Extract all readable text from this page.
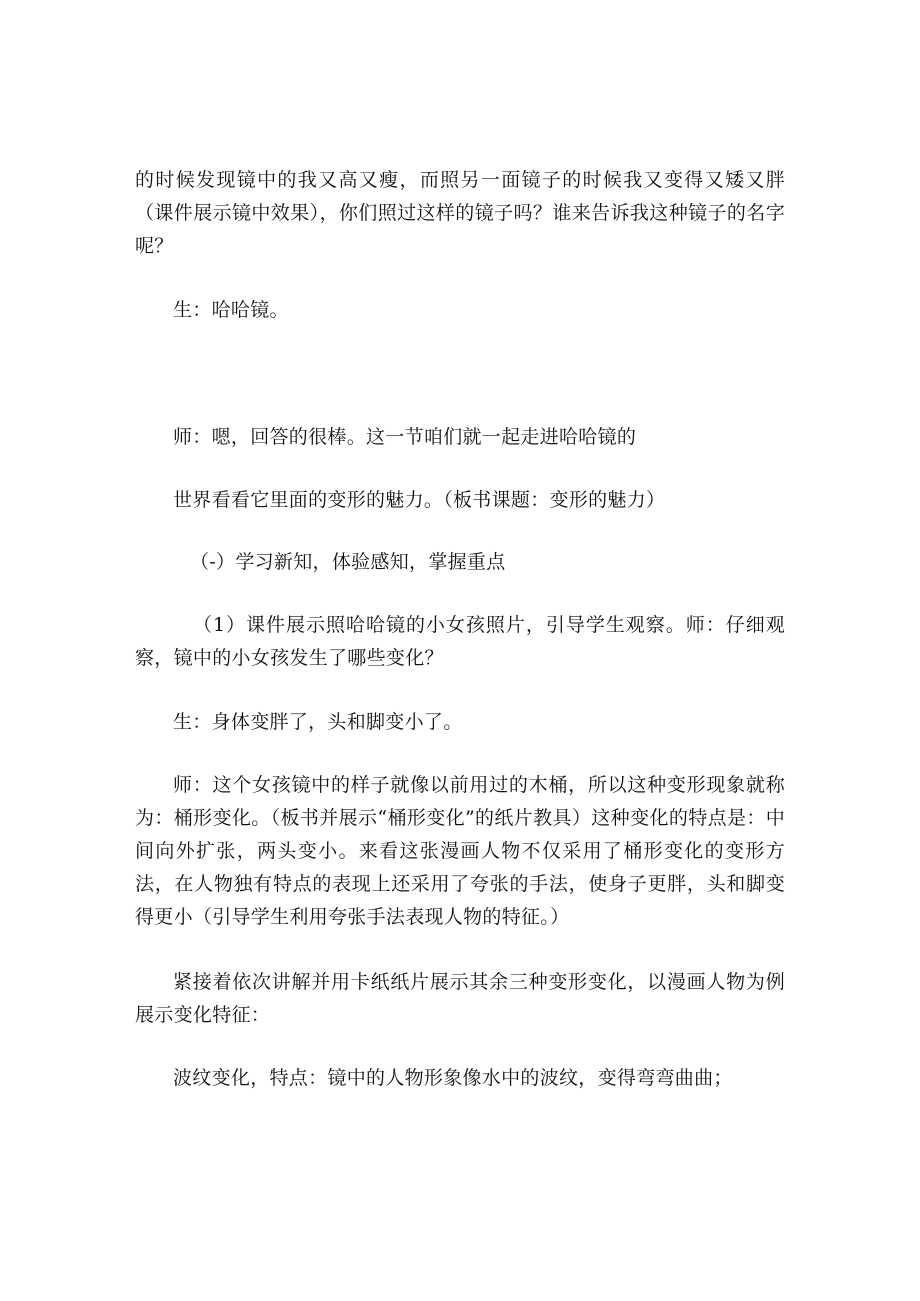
的时候发现镜中的我又高又瘦，而照另一面镜子的时候我又变得又矮又胖（课件展示镜中效果），你们照过这样的镜子吗？谁来告诉我这种镜子的名字呢？

生：哈哈镜。

师：嗯，回答的很棒。这一节咱们就一起走进哈哈镜的

世界看看它里面的变形的魅力。（板书课题：变形的魅力）

（-）学习新知，体验感知，掌握重点

（1）课件展示照哈哈镜的小女孩照片，引导学生观察。师：仔细观察，镜中的小女孩发生了哪些变化？

生：身体变胖了，头和脚变小了。

师：这个女孩镜中的样子就像以前用过的木桶，所以这种变形现象就称为：桶形变化。（板书并展示“桶形变化”的纸片教具）这种变化的特点是：中间向外扩张，两头变小。来看这张漫画人物不仅采用了桶形变化的变形方法，在人物独有特点的表现上还采用了夸张的手法，使身子更胖，头和脚变得更小（引导学生利用夸张手法表现人物的特征。）

紧接着依次讲解并用卡纸纸片展示其余三种变形变化，以漫画人物为例展示变化特征：

波纹变化，特点：镜中的人物形象像水中的波纹，变得弯弯曲曲；
